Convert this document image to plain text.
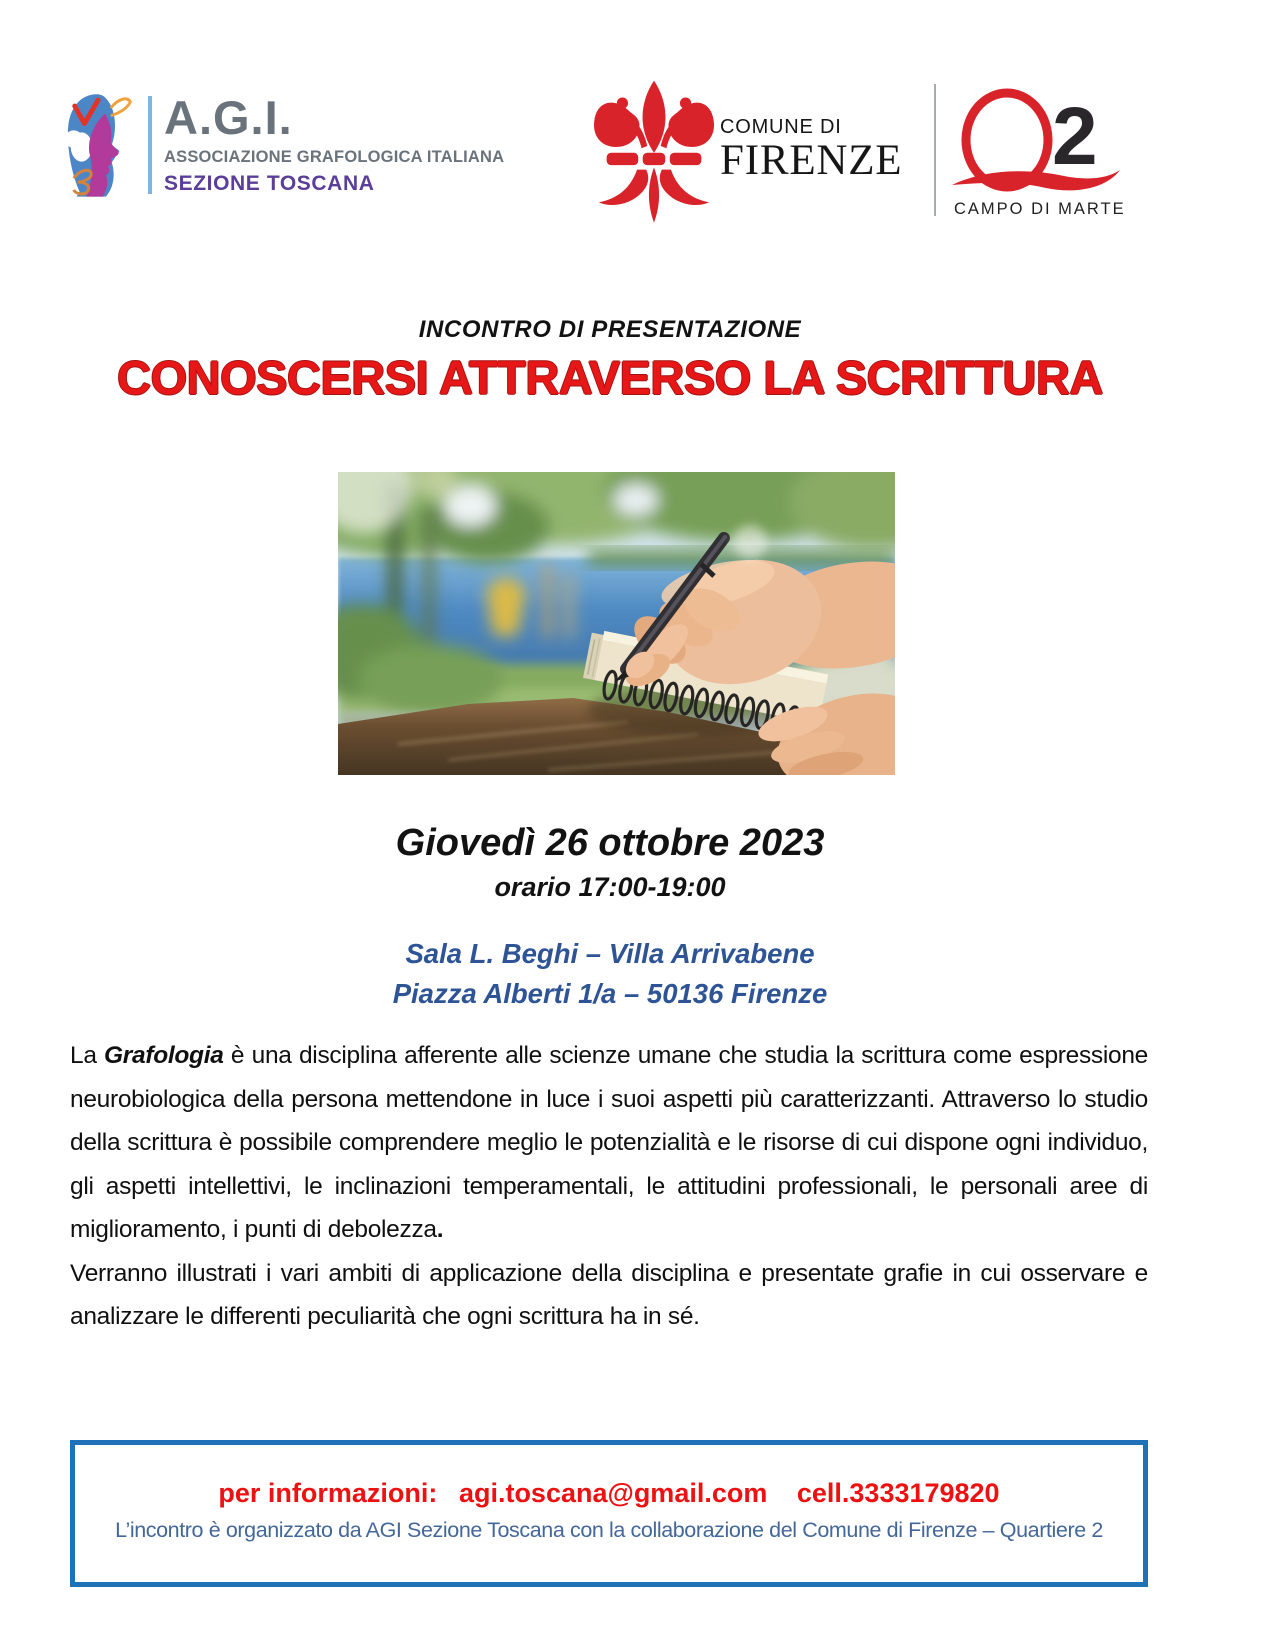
A.G.I.
ASSOCIAZIONE GRAFOLOGICA ITALIANA
SEZIONE TOSCANA
COMUNE DI
FIRENZE 2
CAMPO DI MARTE
INCONTRO DI PRESENTAZIONE
CONOSCERSI ATTRAVERSO LA SCRITTURA
Giovedì 26 ottobre 2023
orario 17:00-19:00
Sala L. Beghi – Villa Arrivabene
Piazza Alberti 1/a – 50136 Firenze

La Grafologia è una disciplina afferente alle scienze umane che studia la scrittura come espressione neurobiologica della persona mettendone in luce i suoi aspetti più caratterizzanti. Attraverso lo studio della scrittura è possibile comprendere meglio le potenzialità e le risorse di cui dispone ogni individuo, gli aspetti intellettivi, le inclinazioni temperamentali, le attitudini professionali, le personali aree di miglioramento, i punti di debolezza.

Verranno illustrati i vari ambiti di applicazione della disciplina e presentate grafie in cui osservare e analizzare le differenti peculiarità che ogni scrittura ha in sé.

per informazioni: agi.toscana@gmail.com cell.3333179820
L’incontro è organizzato da AGI Sezione Toscana con la collaborazione del Comune di Firenze – Quartiere 2
